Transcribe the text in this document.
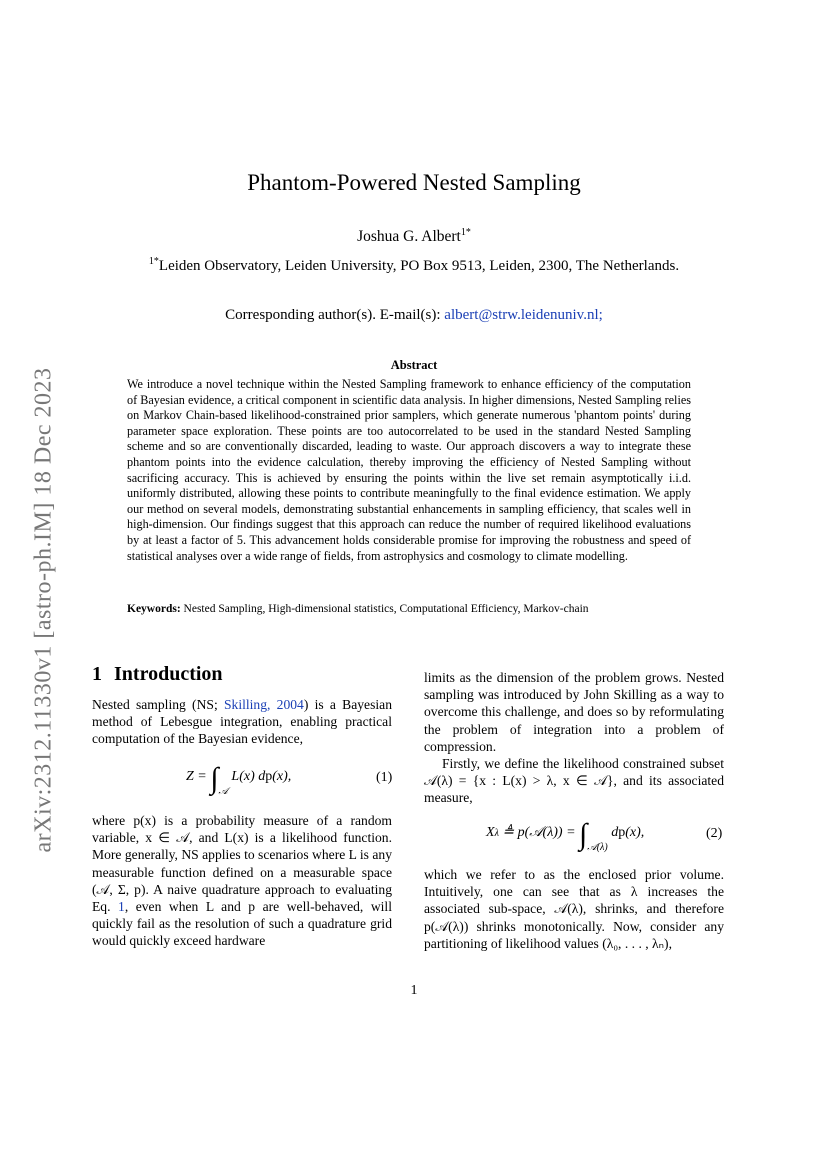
arXiv:2312.11330v1 [astro-ph.IM] 18 Dec 2023
Phantom-Powered Nested Sampling
Joshua G. Albert$^{1*}$
$^{1*}$Leiden Observatory, Leiden University, PO Box 9513, Leiden, 2300, The Netherlands.
Corresponding author(s). E-mail(s): albert@strw.leidenuniv.nl;
Abstract
We introduce a novel technique within the Nested Sampling framework to enhance efficiency of the computation of Bayesian evidence, a critical component in scientific data analysis. In higher dimensions, Nested Sampling relies on Markov Chain-based likelihood-constrained prior samplers, which generate numerous 'phantom points' during parameter space exploration. These points are too autocorrelated to be used in the standard Nested Sampling scheme and so are conventionally discarded, leading to waste. Our approach discovers a way to integrate these phantom points into the evidence calculation, thereby improving the efficiency of Nested Sampling without sacrificing accuracy. This is achieved by ensuring the points within the live set remain asymptotically i.i.d. uniformly distributed, allowing these points to contribute meaningfully to the final evidence estimation. We apply our method on several models, demonstrating substantial enhancements in sampling efficiency, that scales well in high-dimension. Our findings suggest that this approach can reduce the number of required likelihood evaluations by at least a factor of 5. This advancement holds considerable promise for improving the robustness and speed of statistical analyses over a wide range of fields, from astrophysics and cosmology to climate modelling.
Keywords: Nested Sampling, High-dimensional statistics, Computational Efficiency, Markov-chain
1 Introduction

Nested sampling (NS; Skilling, 2004) is a Bayesian method of Lebesgue integration, enabling practical computation of the Bayesian evidence,

$Z = \int_𝒜$ L(x) dp(x),	(1)

where p(x) is a probability measure of a random variable, x ∈ 𝒜, and L(x) is a likelihood function. More generally, NS applies to scenarios where L is any measurable function defined on a measurable space (𝒜, Σ, p). A naive quadrature approach to evaluating Eq. 1, even when L and p are well-behaved, will quickly fail as the resolution of such a quadrature grid would quickly exceed hardware

limits as the dimension of the problem grows. Nested sampling was introduced by John Skilling as a way to overcome this challenge, and does so by reformulating the problem of integration into a problem of compression.

Firstly, we define the likelihood constrained subset 𝒜(λ) = {x : L(x) > λ, x ∈ 𝒜}, and its associated measure,

Xλ ≜ p(𝒜(λ)) = $\int_{𝒜(\lambda)}$ dp(x),	(2)
which we refer to as the enclosed prior volume. Intuitively, one can see that as λ increases the associated sub-space, 𝒜(λ), shrinks, and therefore p(𝒜(λ)) shrinks monotonically. Now, consider any partitioning of likelihood values (λ₀, . . . , λₙ),
1
